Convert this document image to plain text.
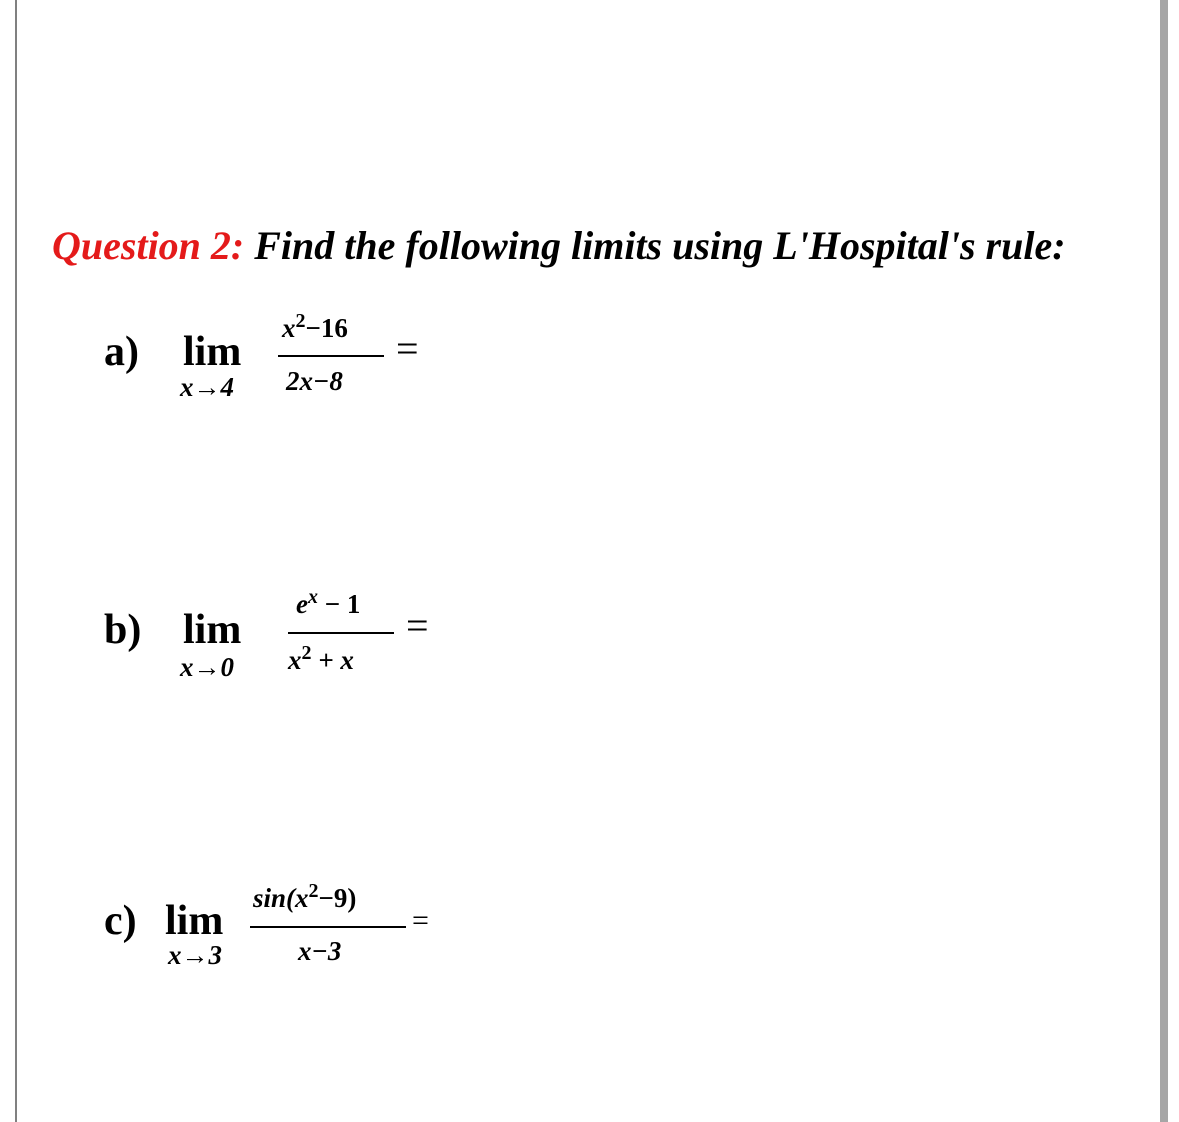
Question 2: Find the following limits using L'Hospital's rule:
a) lim
x→4
$x^2-16$
2x−8
=
b) lim
x→0
$e^x - 1$
$x^2 + x$
=
c) lim
x→3
$\sin(x^2-9)$
x−3
=
